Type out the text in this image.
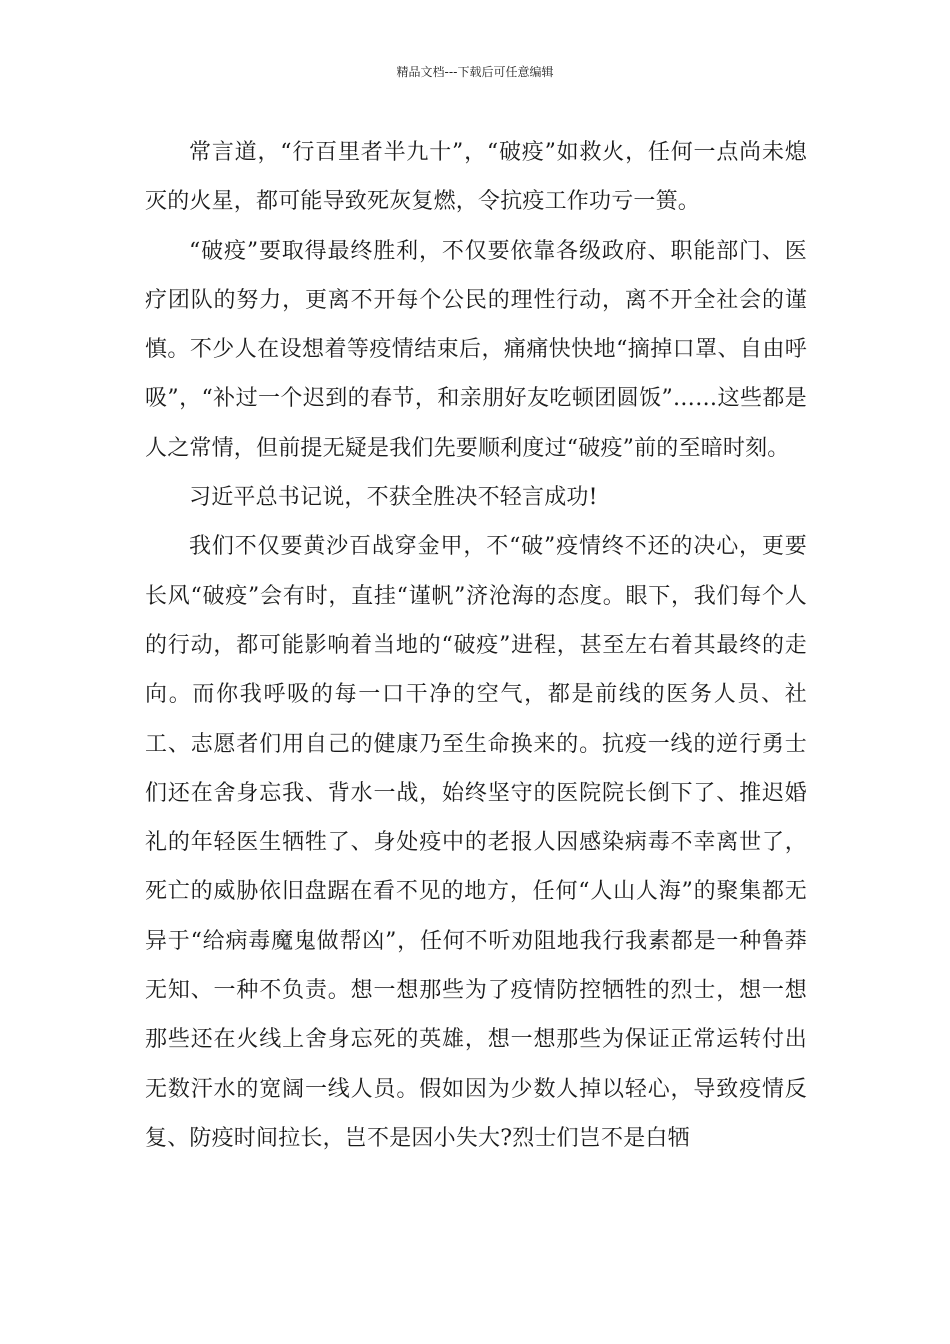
精品文档---下载后可任意编辑

常言道，“行百里者半九十”，“破疫”如救火，任何一点尚未熄灭的火星，都可能导致死灰复燃，令抗疫工作功亏一篑。

“破疫”要取得最终胜利，不仅要依靠各级政府、职能部门、医疗团队的努力，更离不开每个公民的理性行动，离不开全社会的谨慎。不少人在设想着等疫情结束后，痛痛快快地“摘掉口罩、自由呼吸”，“补过一个迟到的春节，和亲朋好友吃顿团圆饭”……这些都是人之常情，但前提无疑是我们先要顺利度过“破疫”前的至暗时刻。

习近平总书记说，不获全胜决不轻言成功!

我们不仅要黄沙百战穿金甲，不“破”疫情终不还的决心，更要长风“破疫”会有时，直挂“谨帆”济沧海的态度。眼下，我们每个人的行动，都可能影响着当地的“破疫”进程，甚至左右着其最终的走向。而你我呼吸的每一口干净的空气，都是前线的医务人员、社工、志愿者们用自己的健康乃至生命换来的。抗疫一线的逆行勇士们还在舍身忘我、背水一战，始终坚守的医院院长倒下了、推迟婚礼的年轻医生牺牲了、身处疫中的老报人因感染病毒不幸离世了，死亡的威胁依旧盘踞在看不见的地方，任何“人山人海”的聚集都无异于“给病毒魔鬼做帮凶”，任何不听劝阻地我行我素都是一种鲁莽无知、一种不负责。想一想那些为了疫情防控牺牲的烈士，想一想那些还在火线上舍身忘死的英雄，想一想那些为保证正常运转付出无数汗水的宽阔一线人员。假如因为少数人掉以轻心，导致疫情反复、防疫时间拉长，岂不是因小失大?烈士们岂不是白牺
